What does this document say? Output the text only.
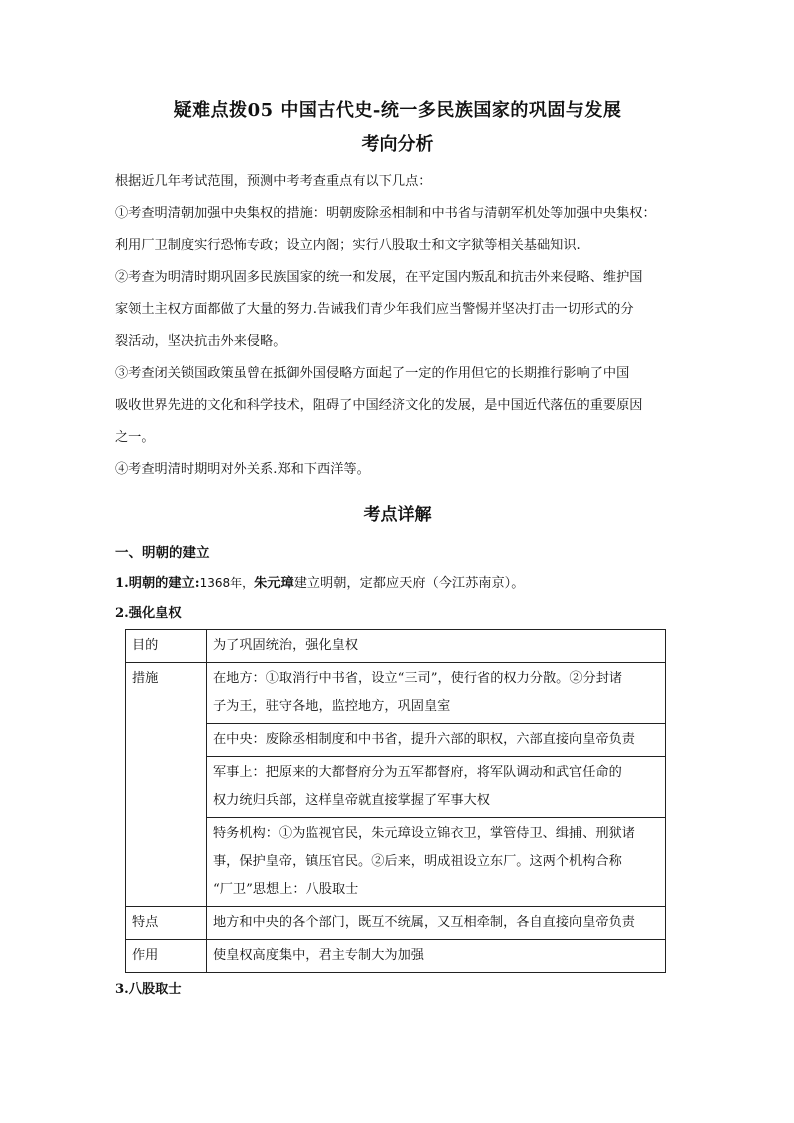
疑难点拨05 中国古代史-统一多民族国家的巩固与发展
考向分析

根据近几年考试范围，预测中考考查重点有以下几点：

①考查明清朝加强中央集权的措施：明朝废除丞相制和中书省与清朝军机处等加强中央集权：
利用厂卫制度实行恐怖专政；设立内阁；实行八股取士和文字狱等相关基础知识.

②考查为明清时期巩固多民族国家的统一和发展，在平定国内叛乱和抗击外来侵略、维护国
家领土主权方面都做了大量的努力.告诫我们青少年我们应当警惕并坚决打击一切形式的分
裂活动，坚决抗击外来侵略。

③考查闭关锁国政策虽曾在抵御外国侵略方面起了一定的作用但它的长期推行影响了中国
吸收世界先进的文化和科学技术，阻碍了中国经济文化的发展，是中国近代落伍的重要原因
之一。

④考查明清时期明对外关系.郑和下西洋等。

考点详解

一、明朝的建立

1.明朝的建立:1368年，朱元璋建立明朝，定都应天府（今江苏南京）。

2.强化皇权

目的	为了巩固统治，强化皇权
措施	在地方：①取消行中书省，设立“三司”，使行省的权力分散。②分封诸
子为王，驻守各地，监控地方，巩固皇室

	在中央：废除丞相制度和中书省，提升六部的职权，六部直接向皇帝负责

	军事上：把原来的大都督府分为五军都督府，将军队调动和武官任命的
权力统归兵部，这样皇帝就直接掌握了军事大权

	特务机构：①为监视官民，朱元璋设立锦衣卫，掌管侍卫、缉捕、刑狱诸
事，保护皇帝，镇压官民。②后来，明成祖设立东厂。这两个机构合称
“厂卫”思想上：八股取士

特点	地方和中央的各个部门，既互不统属，又互相牵制，各自直接向皇帝负责
作用	使皇权高度集中，君主专制大为加强

3.八股取士
